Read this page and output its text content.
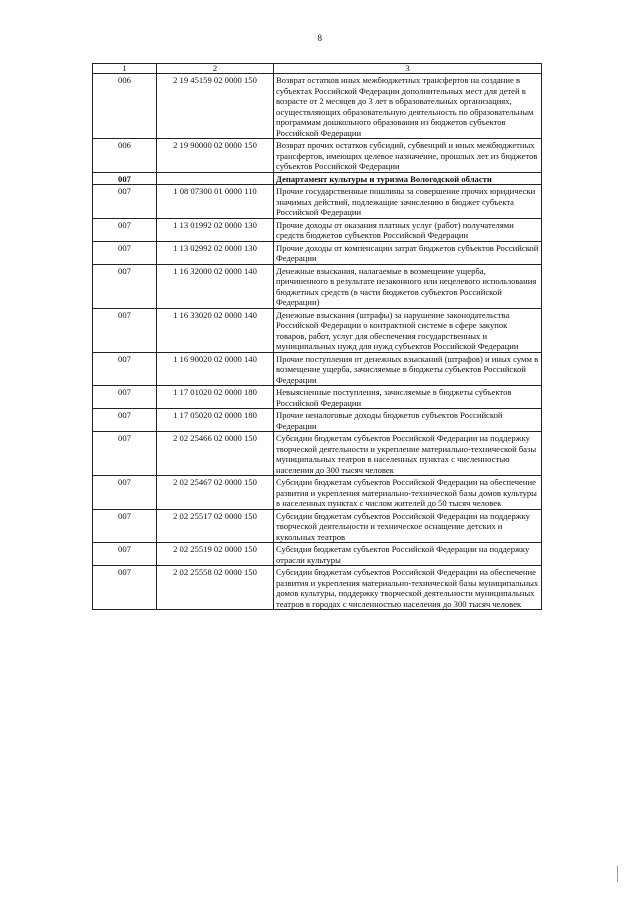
8
1	2	3
006	2 19 45159 02 0000 150	Возврат остатков иных межбюджетных трансфертов на создание в субъектах Российской Федерации дополнительных мест для детей в возрасте от 2 месяцев до 3 лет в образовательных организациях, осуществляющих образовательную деятельность по образовательным программам дошкольного образования из бюджетов субъектов Российской Федерации
006	2 19 90000 02 0000 150	Возврат прочих остатков субсидий, субвенций и иных межбюджетных трансфертов, имеющих целевое назначение, прошлых лет из бюджетов субъектов Российской Федерации
007		Департамент культуры и туризма Вологодской области
007	1 08 07300 01 0000 110	Прочие государственные пошлины за совершение прочих юридически значимых действий, подлежащие зачислению в бюджет субъекта Российской Федерации
007	1 13 01992 02 0000 130	Прочие доходы от оказания платных услуг (работ) получателями средств бюджетов субъектов Российской Федерации
007	1 13 02992 02 0000 130	Прочие доходы от компенсации затрат бюджетов субъектов Российской Федерации
007	1 16 32000 02 0000 140	Денежные взыскания, налагаемые в возмещение ущерба, причиненного в результате незаконного или нецелевого использования бюджетных средств (в части бюджетов субъектов Российской Федерации)
007	1 16 33020 02 0000 140	Денежные взыскания (штрафы) за нарушение законодательства Российской Федерации о контрактной системе в сфере закупок товаров, работ, услуг для обеспечения государственных и муниципальных нужд для нужд субъектов Российской Федерации
007	1 16 90020 02 0000 140	Прочие поступления от денежных взысканий (штрафов) и иных сумм в возмещение ущерба, зачисляемые в бюджеты субъектов Российской Федерации
007	1 17 01020 02 0000 180	Невыясненные поступления, зачисляемые в бюджеты субъектов Российской Федерации
007	1 17 05020 02 0000 180	Прочие неналоговые доходы бюджетов субъектов Российской Федерации
007	2 02 25466 02 0000 150	Субсидии бюджетам субъектов Российской Федерации на поддержку творческой деятельности и укрепление материально-технической базы муниципальных театров в населенных пунктах с численностью населения до 300 тысяч человек
007	2 02 25467 02 0000 150	Субсидии бюджетам субъектов Российской Федерации на обеспечение развития и укрепления материально-технической базы домов культуры в населенных пунктах с числом жителей до 50 тысяч человек
007	2 02 25517 02 0000 150	Субсидии бюджетам субъектов Российской Федерации на поддержку творческой деятельности и техническое оснащение детских и кукольных театров
007	2 02 25519 02 0000 150	Субсидия бюджетам субъектов Российской Федерации на поддержку отрасли культуры
007	2 02 25558 02 0000 150	Субсидии бюджетам субъектов Российской Федерации на обеспечение развития и укрепления материально-технической базы муниципальных домов культуры, поддержку творческой деятельности муниципальных театров в городах с численностью населения до 300 тысяч человек
